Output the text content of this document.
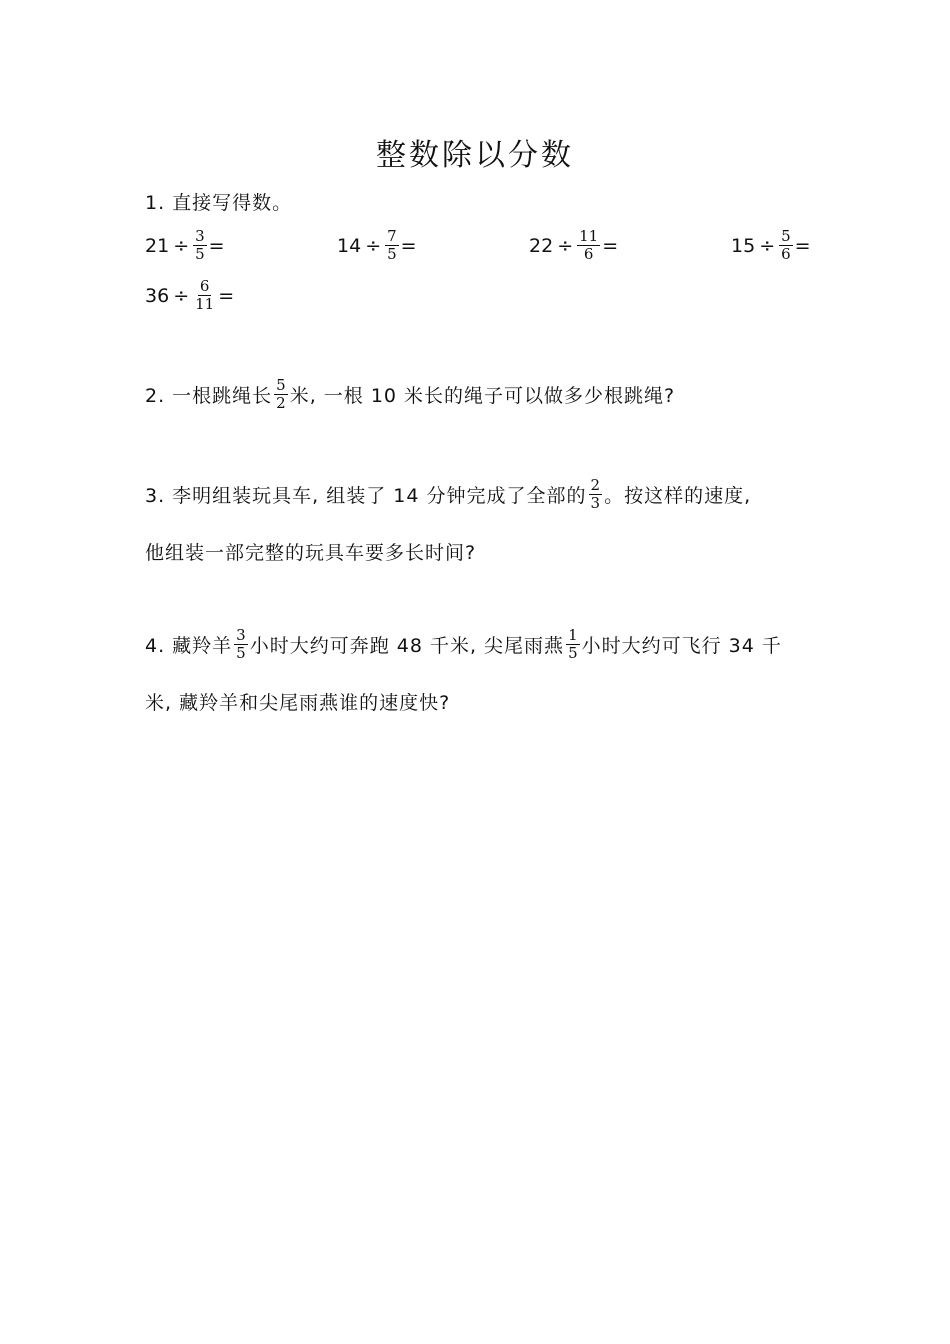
整数除以分数
1. 直接写得数。
$21 \div \frac{3}{5}$ =	$14 \div \frac{7}{5}$ =	$22 \div \frac{11}{6}$ =	$15 \div \frac{5}{6}$ =
$36 \div \frac{6}{11}$ =
2. 一根跳绳长 $\frac{5}{2}$ 米, 一根 10 米长的绳子可以做多少根跳绳?
3. 李明组装玩具车, 组装了 14 分钟完成了全部的 $\frac{2}{3}$ 。按这样的速度,
他组装一部完整的玩具车要多长时间?
4. 藏羚羊 $\frac{3}{5}$ 小时大约可奔跑 48 千米, 尖尾雨燕 $\frac{1}{5}$ 小时大约可飞行 34 千
米, 藏羚羊和尖尾雨燕谁的速度快?
